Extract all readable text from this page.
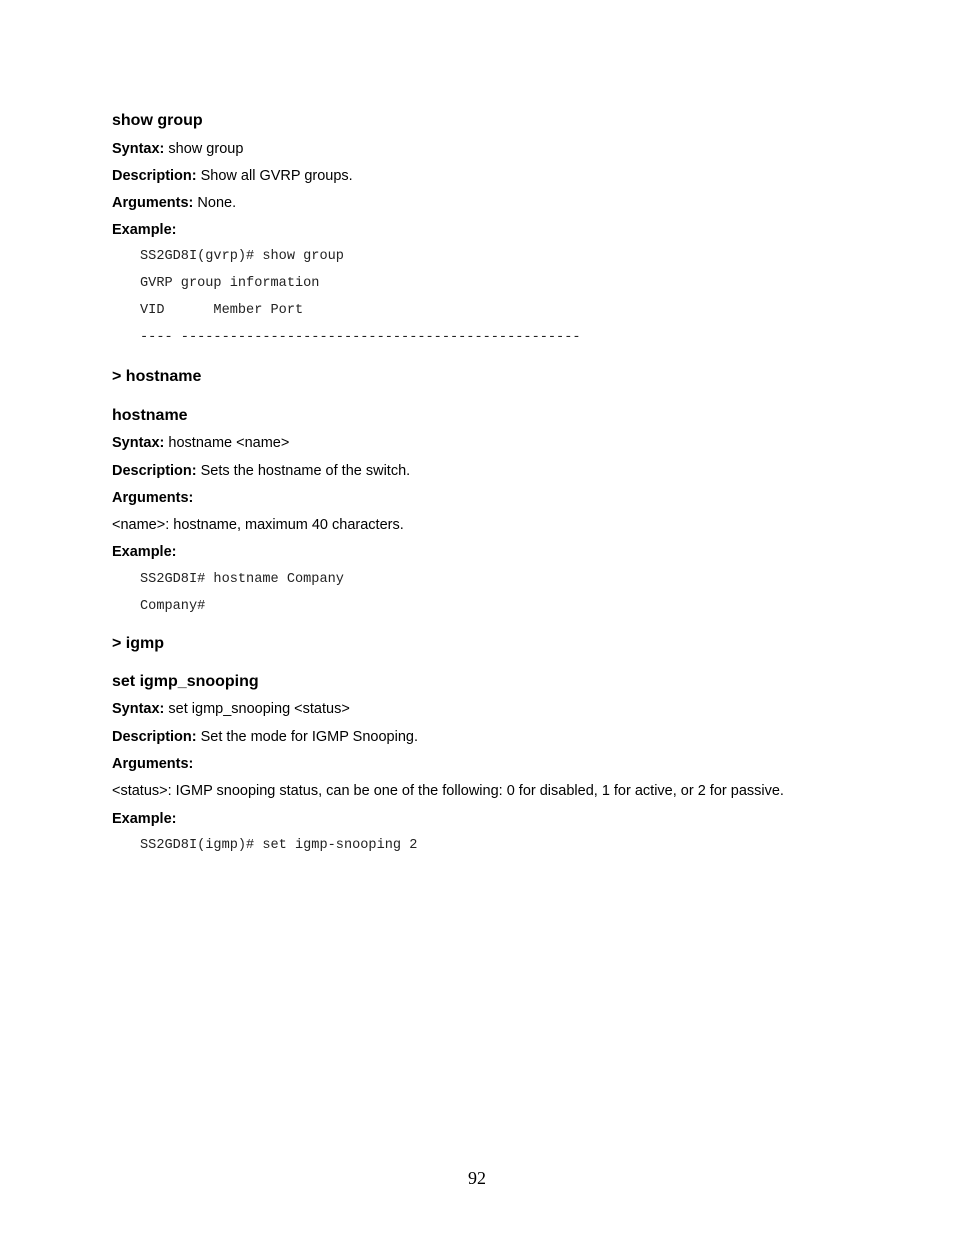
show group

Syntax: show group

Description: Show all GVRP groups.

Arguments: None.

Example:

SS2GD8I(gvrp)# show group

GVRP group information

VID      Member Port

---- -------------------------------------------------

> hostname

hostname

Syntax: hostname <name>

Description: Sets the hostname of the switch.

Arguments:

<name>: hostname, maximum 40 characters.

Example:

SS2GD8I# hostname Company

Company#

> igmp

set igmp_snooping

Syntax: set igmp_snooping <status>

Description: Set the mode for IGMP Snooping.

Arguments:

<status>: IGMP snooping status, can be one of the following: 0 for disabled, 1 for active, or 2 for passive.

Example:

SS2GD8I(igmp)# set igmp-snooping 2

92
